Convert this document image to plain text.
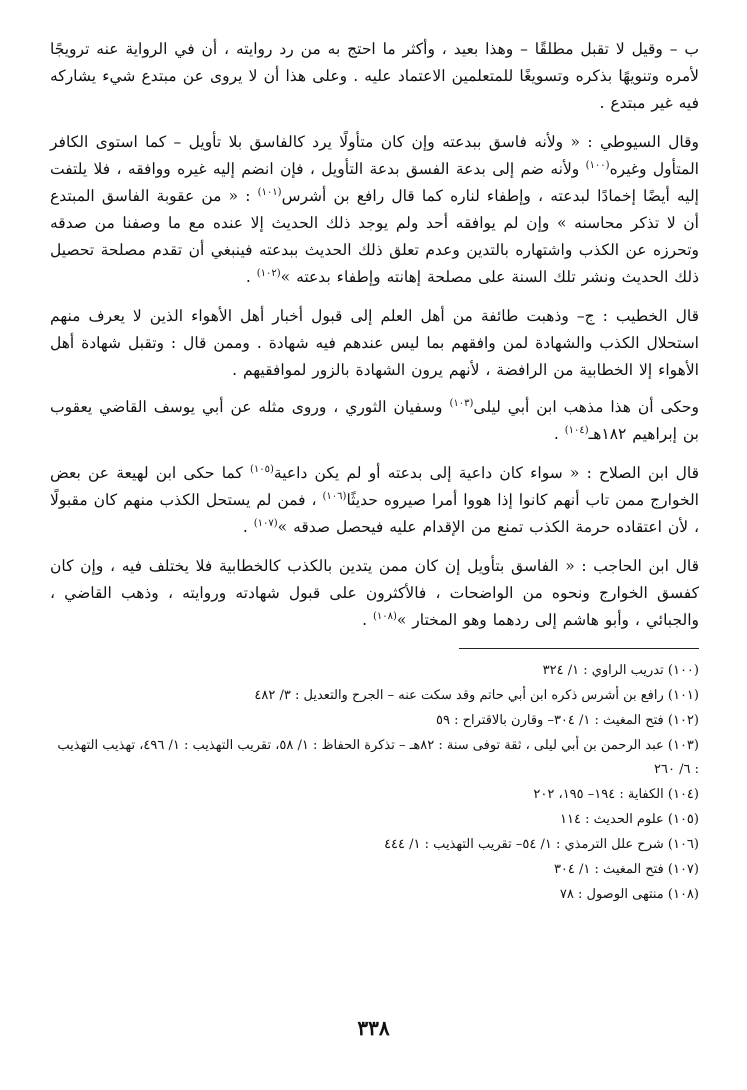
ب – وقيل لا تقبل مطلقًا – وهذا بعيد ، وأكثر ما احتج به من رد روايته ، أن في الرواية عنه ترويجًا لأمره وتنويهًا بذكره وتسويغًا للمتعلمين الاعتماد عليه . وعلى هذا أن لا يروى عن مبتدع شيء يشاركه فيه غير مبتدع .

وقال السيوطي : « ولأنه فاسق ببدعته وإن كان متأولًا يرد كالفاسق بلا تأويل – كما استوى الكافر المتأول وغيره$^{(١٠٠)}$ ولأنه ضم إلى بدعة الفسق بدعة التأويل ، فإن انضم إليه غيره ووافقه ، فلا يلتفت إليه أيضًا إخمادًا لبدعته ، وإطفاء لناره كما قال رافع بن أشرس$^{(١٠١)}$ : « من عقوبة الفاسق المبتدع أن لا تذكر محاسنه » وإن لم يوافقه أحد ولم يوجد ذلك الحديث إلا عنده مع ما وصفنا من صدقه وتحرزه عن الكذب واشتهاره بالتدين وعدم تعلق ذلك الحديث ببدعته فينبغي أن تقدم مصلحة تحصيل ذلك الحديث ونشر تلك السنة على مصلحة إهانته وإطفاء بدعته »$^{(١٠٢)}$ .

قال الخطيب : ج– وذهبت طائفة من أهل العلم إلى قبول أخبار أهل الأهواء الذين لا يعرف منهم استحلال الكذب والشهادة لمن وافقهم بما ليس عندهم فيه شهادة . وممن قال : وتقبل شهادة أهل الأهواء إلا الخطابية من الرافضة ، لأنهم يرون الشهادة بالزور لموافقيهم .

وحكى أن هذا مذهب ابن أبي ليلى$^{(١٠٣)}$ وسفيان الثوري ، وروى مثله عن أبي يوسف القاضي يعقوب بن إبراهيم ١٨٢هـ$^{(١٠٤)}$ .

قال ابن الصلاح : « سواء كان داعية إلى بدعته أو لم يكن داعية$^{(١٠٥)}$ كما حكى ابن لهيعة عن بعض الخوارج ممن تاب أنهم كانوا إذا هووا أمرا صيروه حديثًا$^{(١٠٦)}$ ، فمن لم يستحل الكذب منهم كان مقبولًا ، لأن اعتقاده حرمة الكذب تمنع من الإقدام عليه فيحصل صدقه »$^{(١٠٧)}$ .

قال ابن الحاجب : « الفاسق بتأويل إن كان ممن يتدين بالكذب كالخطابية فلا يختلف فيه ، وإن كان كفسق الخوارج ونحوه من الواضحات ، فالأكثرون على قبول شهادته وروايته ، وذهب القاضي ، والجبائي ، وأبو هاشم إلى ردهما وهو المختار »$^{(١٠٨)}$ .

(١٠٠) تدريب الراوي : ١/ ٣٢٤
(١٠١) رافع بن أشرس ذكره ابن أبي حاتم وقد سكت عنه – الجرح والتعديل : ٣/ ٤٨٢
(١٠٢) فتح المغيث : ١/ ٣٠٤– وقارن بالاقتراح : ٥٩
(١٠٣) عبد الرحمن بن أبي ليلى ، ثقة توفى سنة : ٨٢هـ – تذكرة الحفاظ : ١/ ٥٨، تقريب التهذيب : ١/ ٤٩٦، تهذيب التهذيب : ٦/ ٢٦٠
(١٠٤) الكفاية : ١٩٤– ١٩٥، ٢٠٢
(١٠٥) علوم الحديث : ١١٤
(١٠٦) شرح علل الترمذي : ١/ ٥٤– تقريب التهذيب : ١/ ٤٤٤
(١٠٧) فتح المغيث : ١/ ٣٠٤
(١٠٨) منتهى الوصول : ٧٨
٣٣٨
